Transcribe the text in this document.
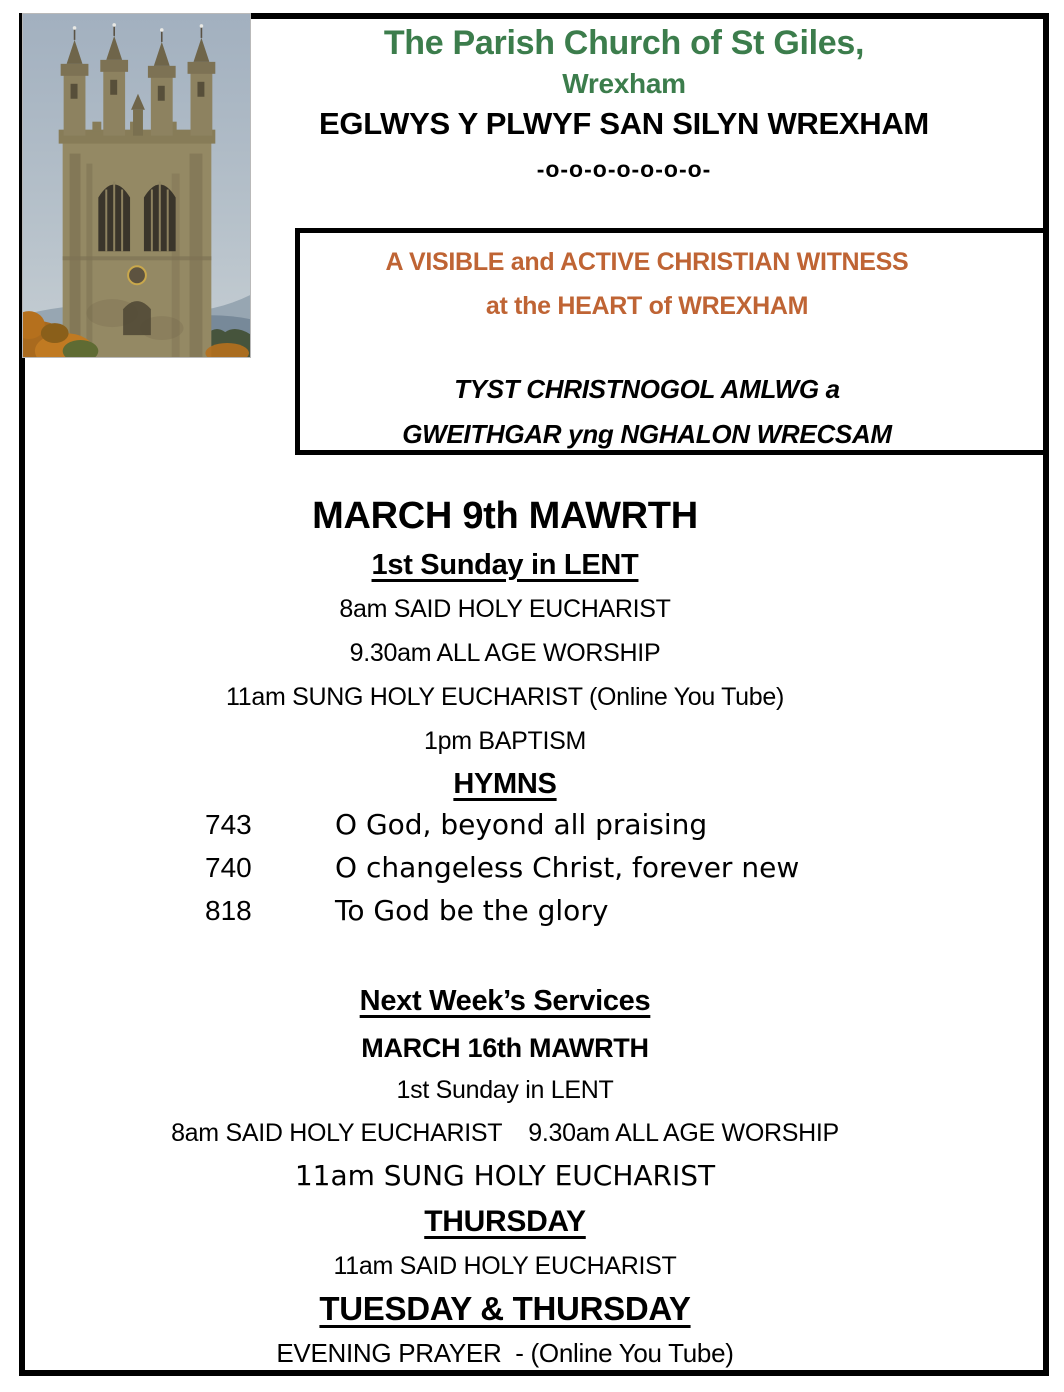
The Parish Church of St Giles,
Wrexham
EGLWYS Y PLWYF SAN SILYN WREXHAM
-o-o-o-o-o-o-o-
A VISIBLE and ACTIVE CHRISTIAN WITNESS
at the HEART of WREXHAM
TYST CHRISTNOGOL AMLWG a
GWEITHGAR yng NGHALON WRECSAM
MARCH 9th MAWRTH
1st Sunday in LENT
8am SAID HOLY EUCHARIST
9.30am ALL AGE WORSHIP
11am SUNG HOLY EUCHARIST (Online You Tube)
1pm BAPTISM
HYMNS
743	O God, beyond all praising
740	O changeless Christ, forever new
818	To God be the glory
Next Week’s Services
MARCH 16th MAWRTH
1st Sunday in LENT
8am SAID HOLY EUCHARIST 9.30am ALL AGE WORSHIP
11am SUNG HOLY EUCHARIST
THURSDAY
11am SAID HOLY EUCHARIST
TUESDAY & THURSDAY
EVENING PRAYER  - (Online You Tube)
